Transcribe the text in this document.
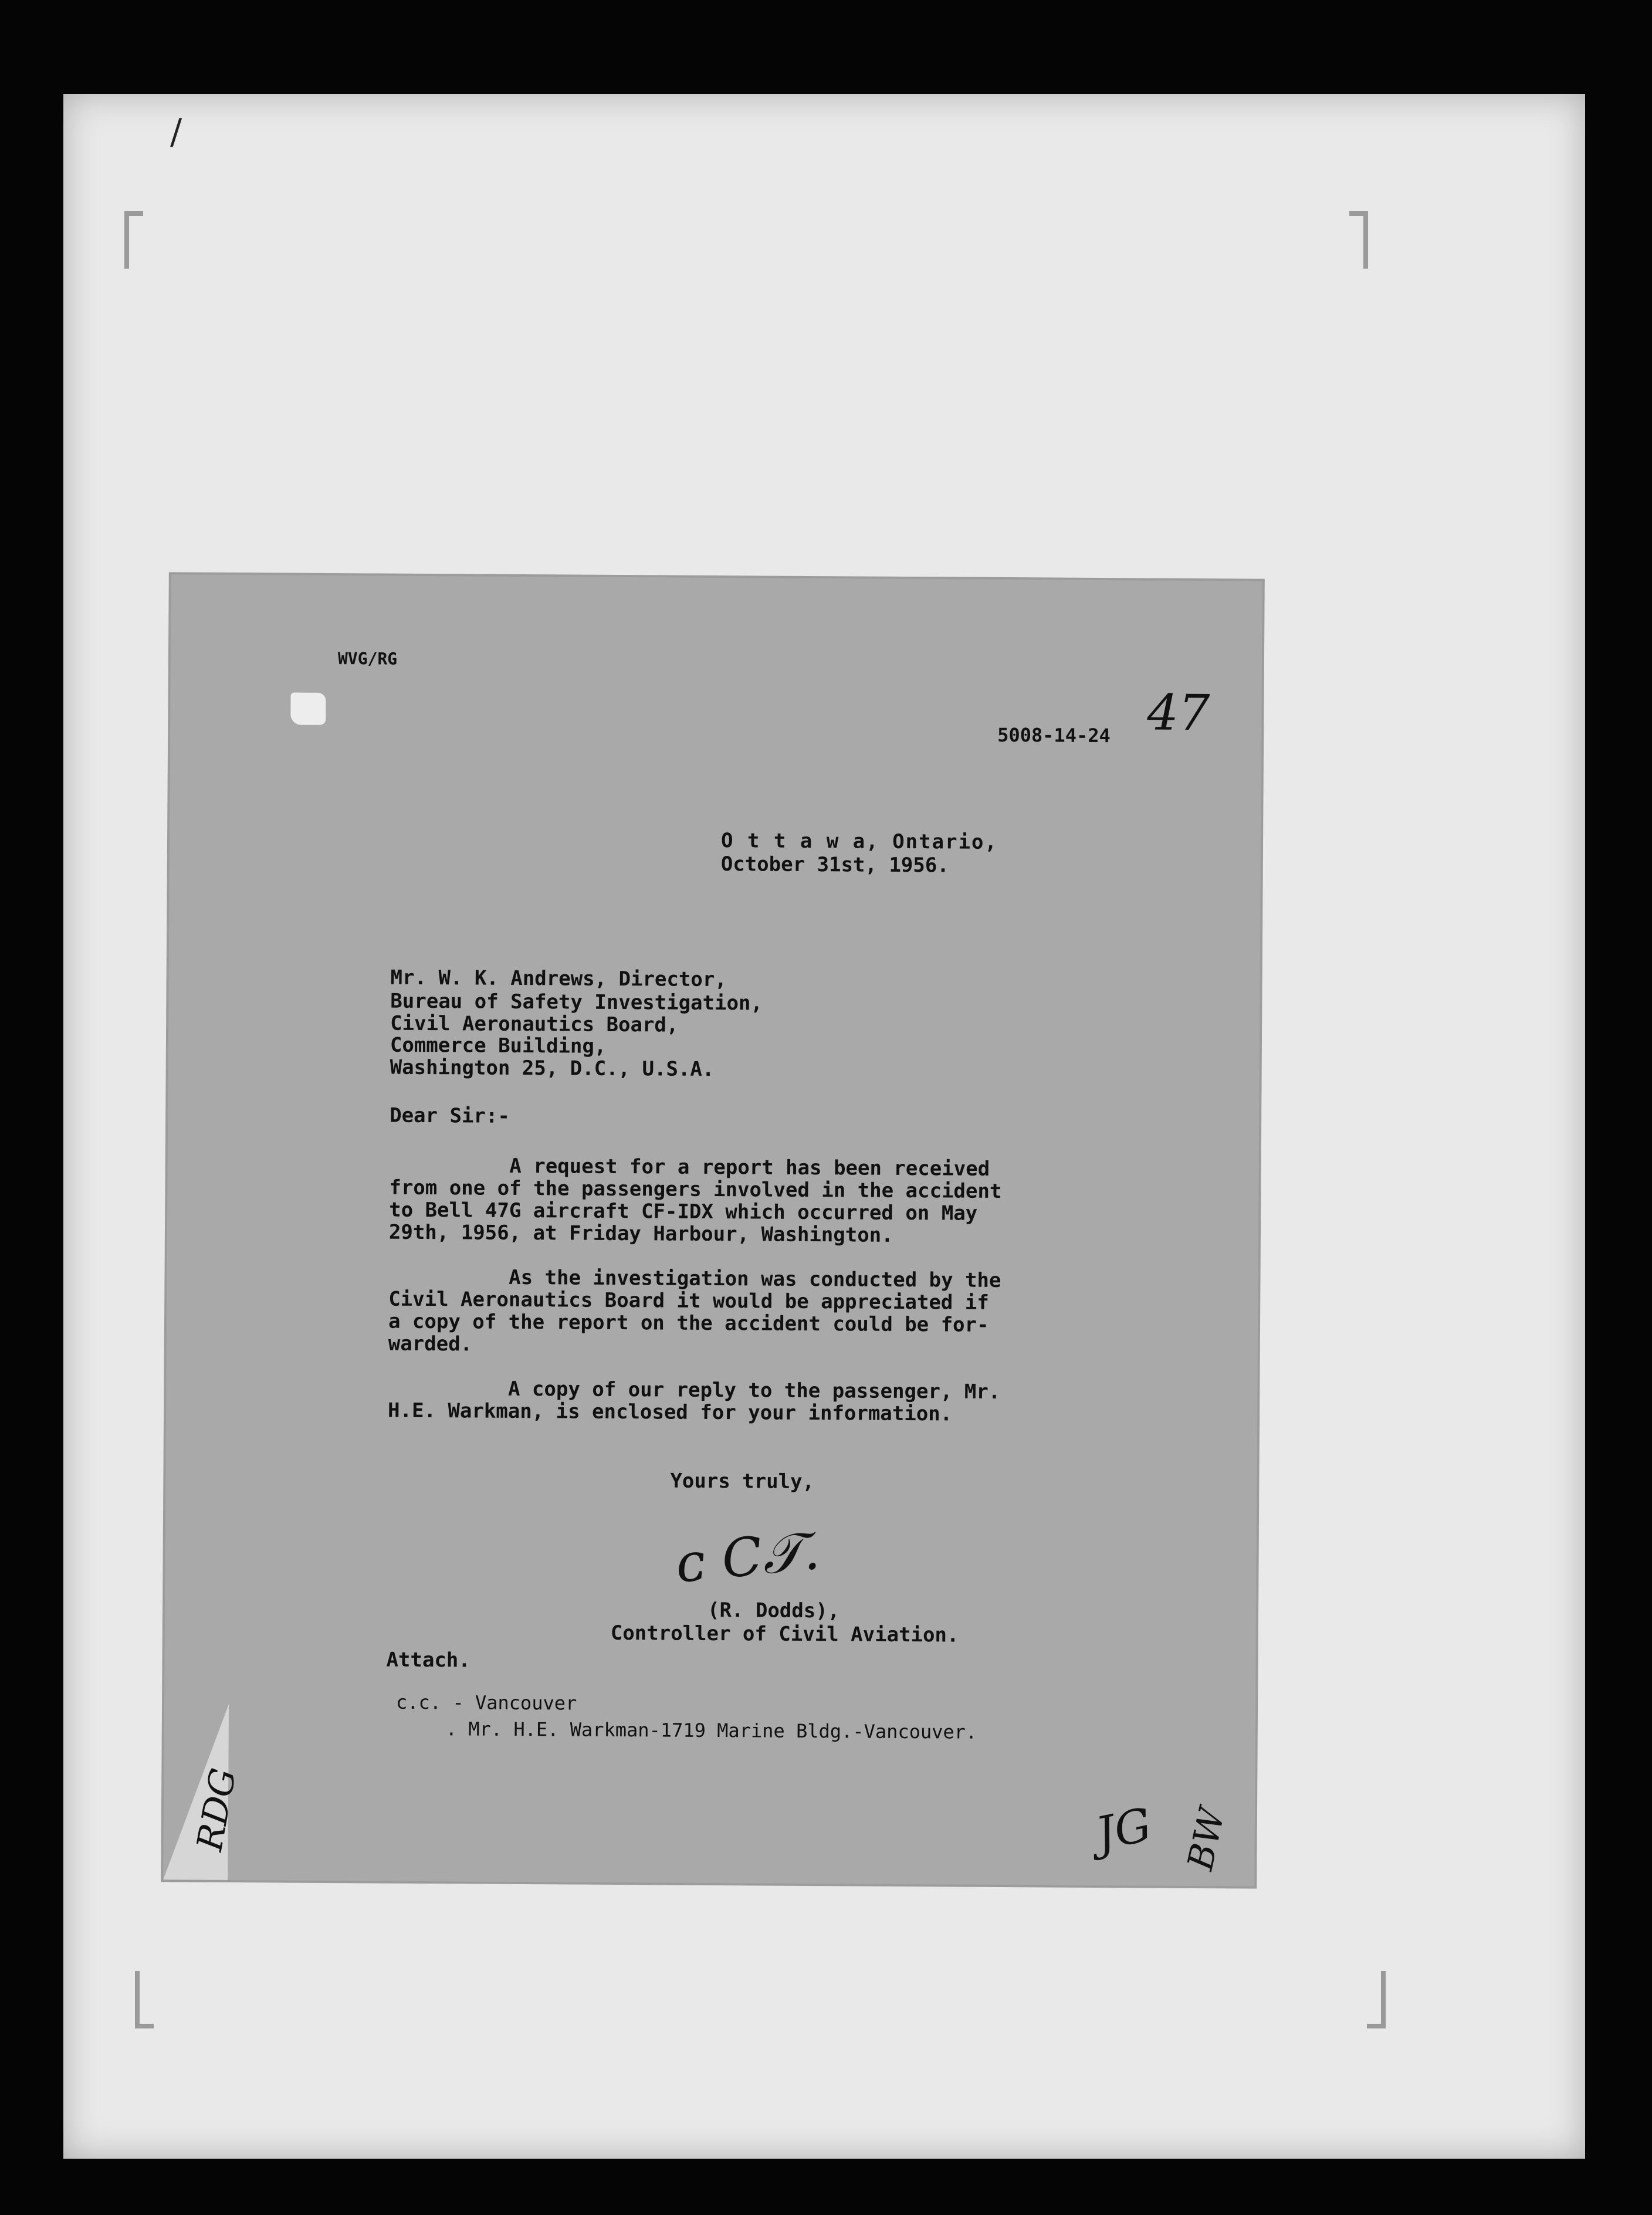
/
WVG/RG
5008-14-24 47
O t t a w a, Ontario,
October 31st, 1956.
Mr. W. K. Andrews, Director,
Bureau of Safety Investigation,
Civil Aeronautics Board,
Commerce Building,
Washington 25, D.C., U.S.A.
Dear Sir:-
A request for a report has been received
from one of the passengers involved in the accident
to Bell 47G aircraft CF-IDX which occurred on May
29th, 1956, at Friday Harbour, Washington.
As the investigation was conducted by the
Civil Aeronautics Board it would be appreciated if
a copy of the report on the accident could be for-
warded.
A copy of our reply to the passenger, Mr.
H.E. Warkman, is enclosed for your information.
Yours truly,
ᴄ C𝒯.
(R. Dodds),
Controller of Civil Aviation.
Attach.
c.c. - Vancouver
. Mr. H.E. Warkman-1719 Marine Bldg.-Vancouver.
JG BW
RDG
